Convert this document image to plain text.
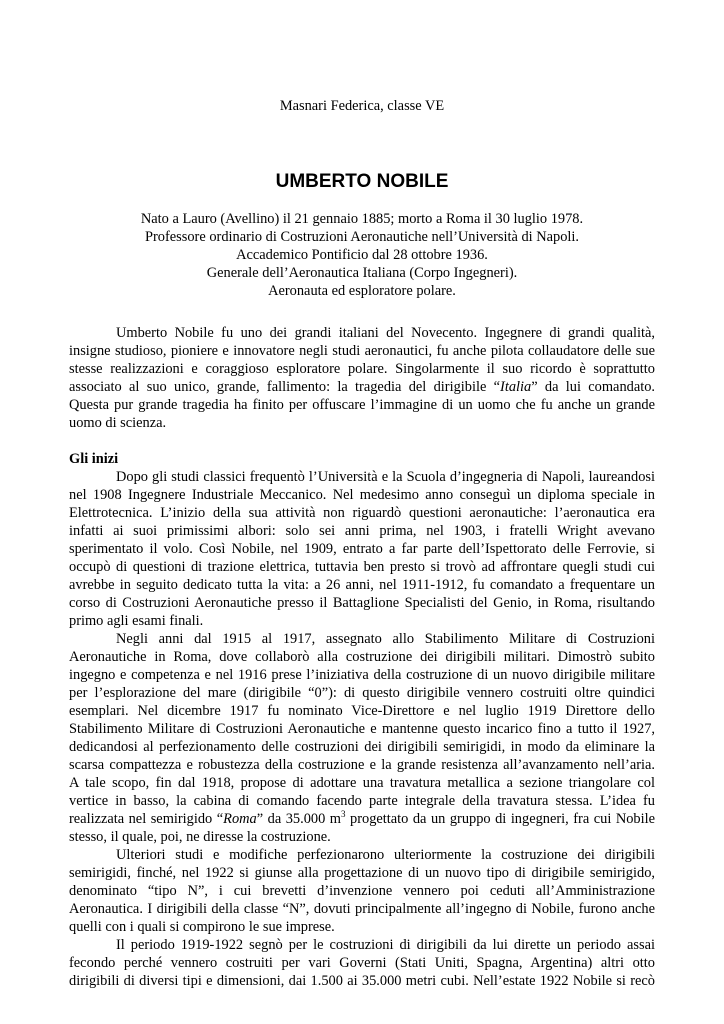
Masnari Federica, classe VE
UMBERTO NOBILE
Nato a Lauro (Avellino) il 21 gennaio 1885; morto a Roma il 30 luglio 1978.
Professore ordinario di Costruzioni Aeronautiche nell’Università di Napoli.
Accademico Pontificio dal 28 ottobre 1936.
Generale dell’Aeronautica Italiana (Corpo Ingegneri).
Aeronauta ed esploratore polare.
Umberto Nobile fu uno dei grandi italiani del Novecento. Ingegnere di grandi qualità,
insigne studioso, pioniere e innovatore negli studi aeronautici, fu anche pilota collaudatore delle sue
stesse realizzazioni e coraggioso esploratore polare. Singolarmente il suo ricordo è soprattutto
associato al suo unico, grande, fallimento: la tragedia del dirigibile “Italia” da lui comandato.
Questa pur grande tragedia ha finito per offuscare l’immagine di un uomo che fu anche un grande
uomo di scienza.
Gli inizi
Dopo gli studi classici frequentò l’Università e la Scuola d’ingegneria di Napoli, laureandosi
nel 1908 Ingegnere Industriale Meccanico. Nel medesimo anno conseguì un diploma speciale in
Elettrotecnica. L’inizio della sua attività non riguardò questioni aeronautiche: l’aeronautica era
infatti ai suoi primissimi albori: solo sei anni prima, nel 1903, i fratelli Wright avevano
sperimentato il volo. Così Nobile, nel 1909, entrato a far parte dell’Ispettorato delle Ferrovie, si
occupò di questioni di trazione elettrica, tuttavia ben presto si trovò ad affrontare quegli studi cui
avrebbe in seguito dedicato tutta la vita: a 26 anni, nel 1911-1912, fu comandato a frequentare un
corso di Costruzioni Aeronautiche presso il Battaglione Specialisti del Genio, in Roma, risultando
primo agli esami finali.
Negli anni dal 1915 al 1917, assegnato allo Stabilimento Militare di Costruzioni
Aeronautiche in Roma, dove collaborò alla costruzione dei dirigibili militari. Dimostrò subito
ingegno e competenza e nel 1916 prese l’iniziativa della costruzione di un nuovo dirigibile militare
per l’esplorazione del mare (dirigibile “0”): di questo dirigibile vennero costruiti oltre quindici
esemplari. Nel dicembre 1917 fu nominato Vice-Direttore e nel luglio 1919 Direttore dello
Stabilimento Militare di Costruzioni Aeronautiche e mantenne questo incarico fino a tutto il 1927,
dedicandosi al perfezionamento delle costruzioni dei dirigibili semirigidi, in modo da eliminare la
scarsa compattezza e robustezza della costruzione e la grande resistenza all’avanzamento nell’aria.
A tale scopo, fin dal 1918, propose di adottare una travatura metallica a sezione triangolare col
vertice in basso, la cabina di comando facendo parte integrale della travatura stessa. L’idea fu
realizzata nel semirigido “Roma” da 35.000 $m^3$ progettato da un gruppo di ingegneri, fra cui Nobile
stesso, il quale, poi, ne diresse la costruzione.
Ulteriori studi e modifiche perfezionarono ulteriormente la costruzione dei dirigibili
semirigidi, finché, nel 1922 si giunse alla progettazione di un nuovo tipo di dirigibile semirigido,
denominato “tipo N”, i cui brevetti d’invenzione vennero poi ceduti all’Amministrazione
Aeronautica. I dirigibili della classe “N”, dovuti principalmente all’ingegno di Nobile, furono anche
quelli con i quali si compirono le sue imprese.
Il periodo 1919-1922 segnò per le costruzioni di dirigibili da lui dirette un periodo assai
fecondo perché vennero costruiti per vari Governi (Stati Uniti, Spagna, Argentina) altri otto
dirigibili di diversi tipi e dimensioni, dai 1.500 ai 35.000 metri cubi. Nell’estate 1922 Nobile si recò
